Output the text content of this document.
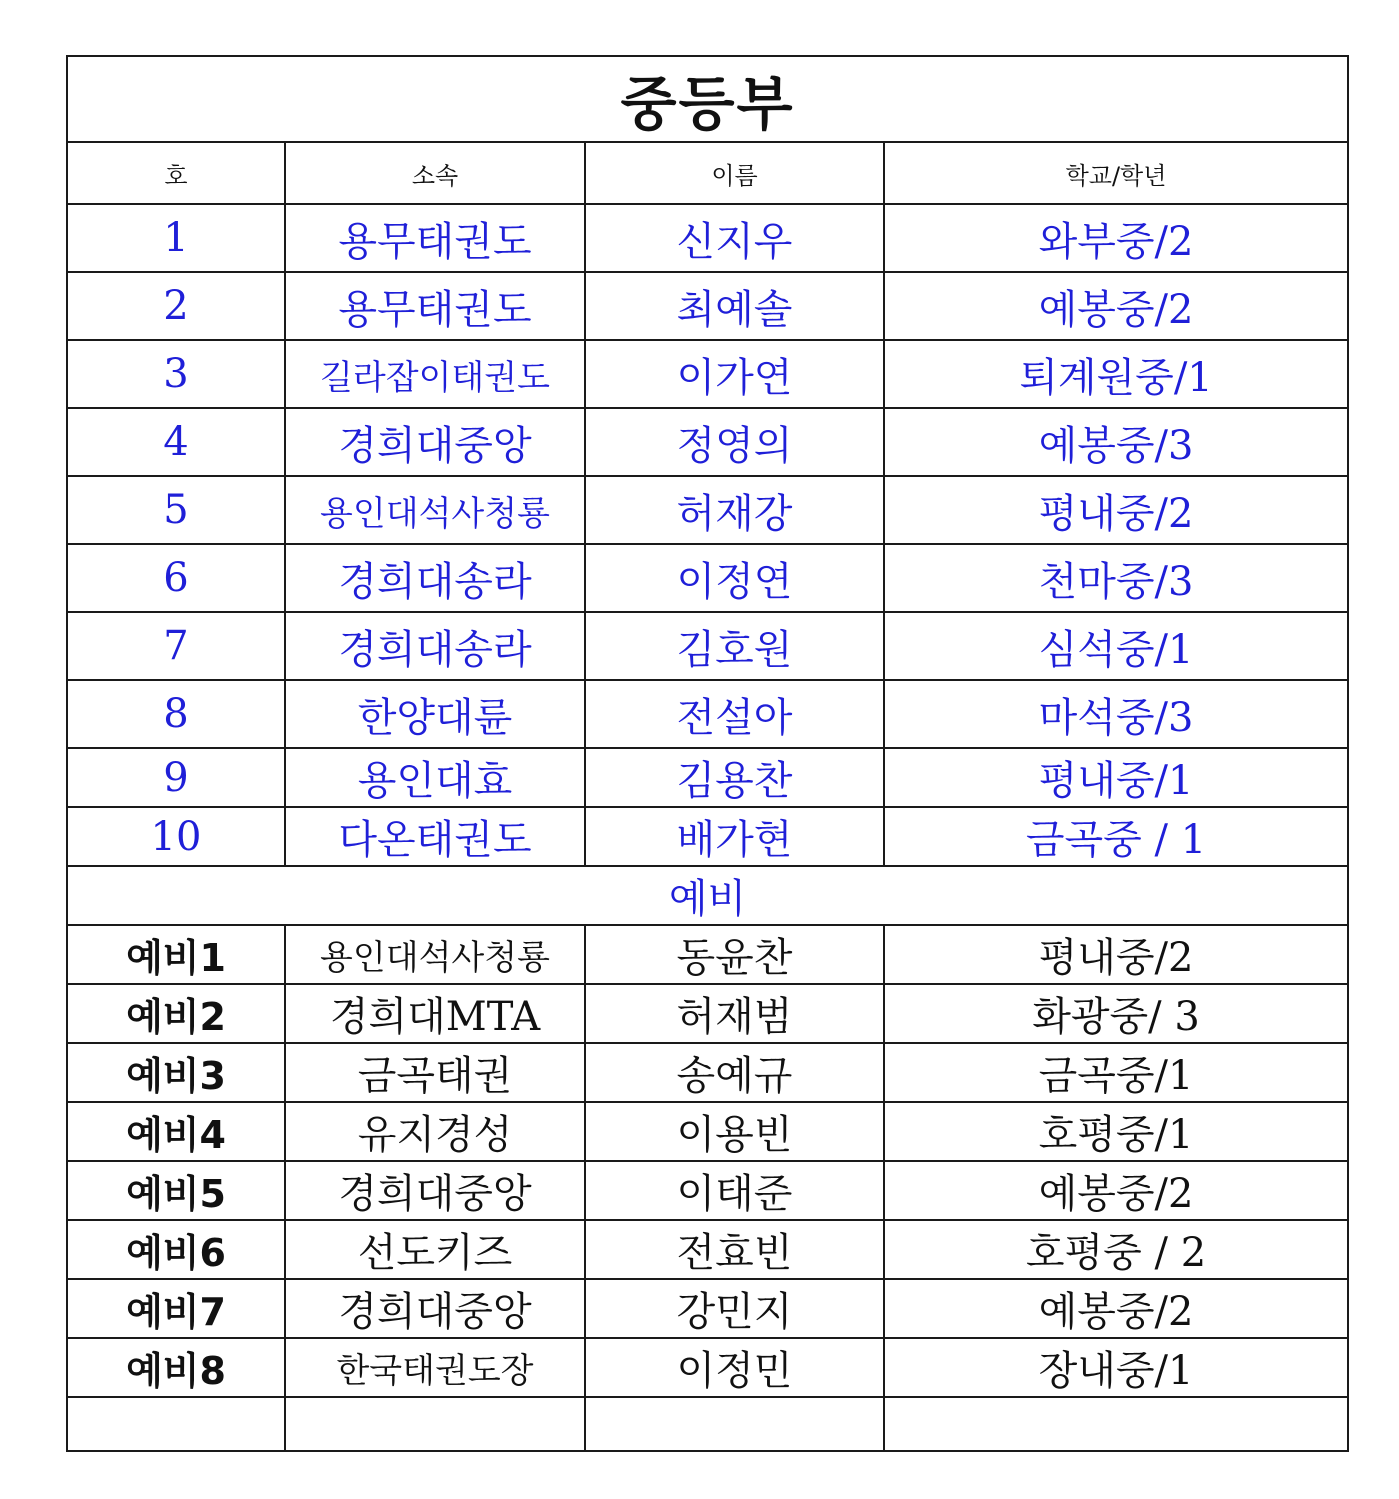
중등부			
호	소속	이름	학교/학년
1	용무태권도	신지우	와부중/2
2	용무태권도	최예솔	예봉중/2
3	길라잡이태권도	이가연	퇴계원중/1
4	경희대중앙	정영의	예봉중/3
5	용인대석사청룡	허재강	평내중/2
6	경희대송라	이정연	천마중/3
7	경희대송라	김호원	심석중/1
8	한양대륜	전설아	마석중/3
9	용인대효	김용찬	평내중/1
10	다온태권도	배가현	금곡중 / 1
예비			
예비1	용인대석사청룡	동윤찬	평내중/2
예비2	경희대MTA	허재범	화광중/ 3
예비3	금곡태권	송예규	금곡중/1
예비4	유지경성	이용빈	호평중/1
예비5	경희대중앙	이태준	예봉중/2
예비6	선도키즈	전효빈	호평중 / 2
예비7	경희대중앙	강민지	예봉중/2
예비8	한국태권도장	이정민	장내중/1
